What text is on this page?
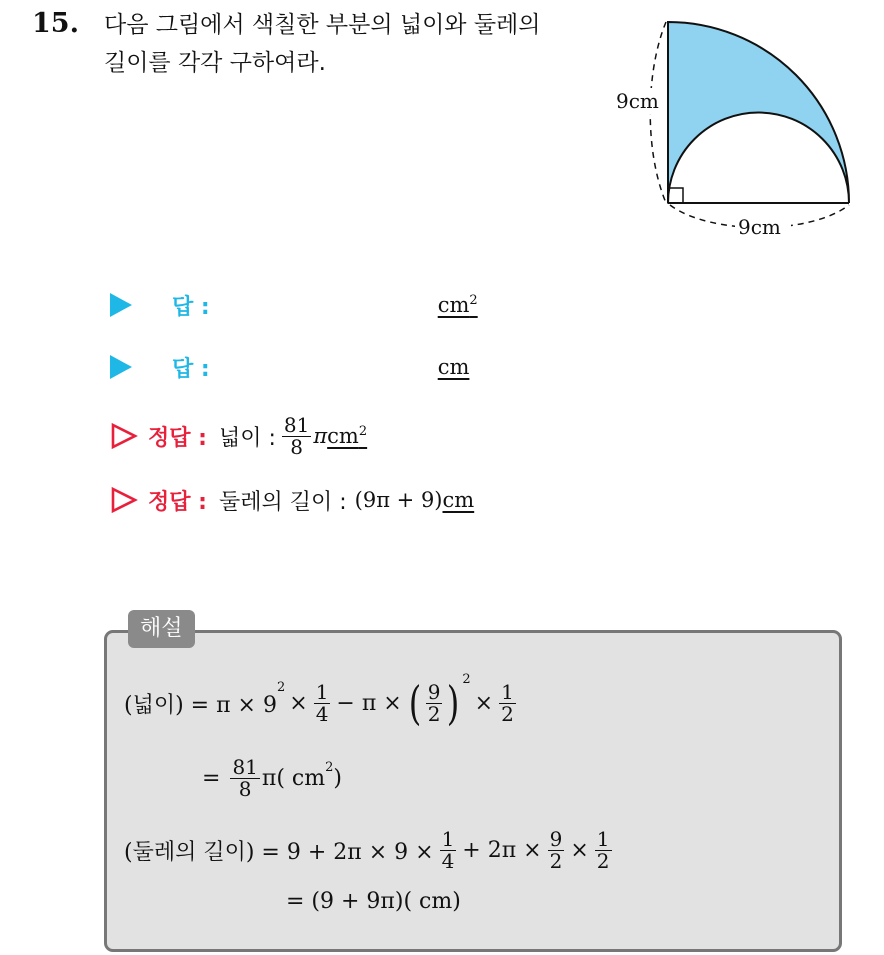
15. 다음 그림에서 색칠한 부분의 넓이와 둘레의
길이를 각각 구하여라.
9cm
9cm
답 :	$cm^2$
답 :	cm
정답 : 넓이 : $\frac{81}{8}$ π $cm^2$
정답 : 둘레의 길이 : (9π + 9) cm
해설
(넓이) = π × 9
$^2$
× $\frac{1}{4} - \pi$ × ( $\frac{9}{2} )^2$
× $\frac{1}{2}$
= $\frac{81}{8} \pi$( $cm^2$ )
(둘레의 길이) = $9 + 2\pi \times 9 \times \frac{1}{4} + 2\pi \times \frac{9}{2} \times \frac{1}{2}$
= (9 + 9π)( cm)
